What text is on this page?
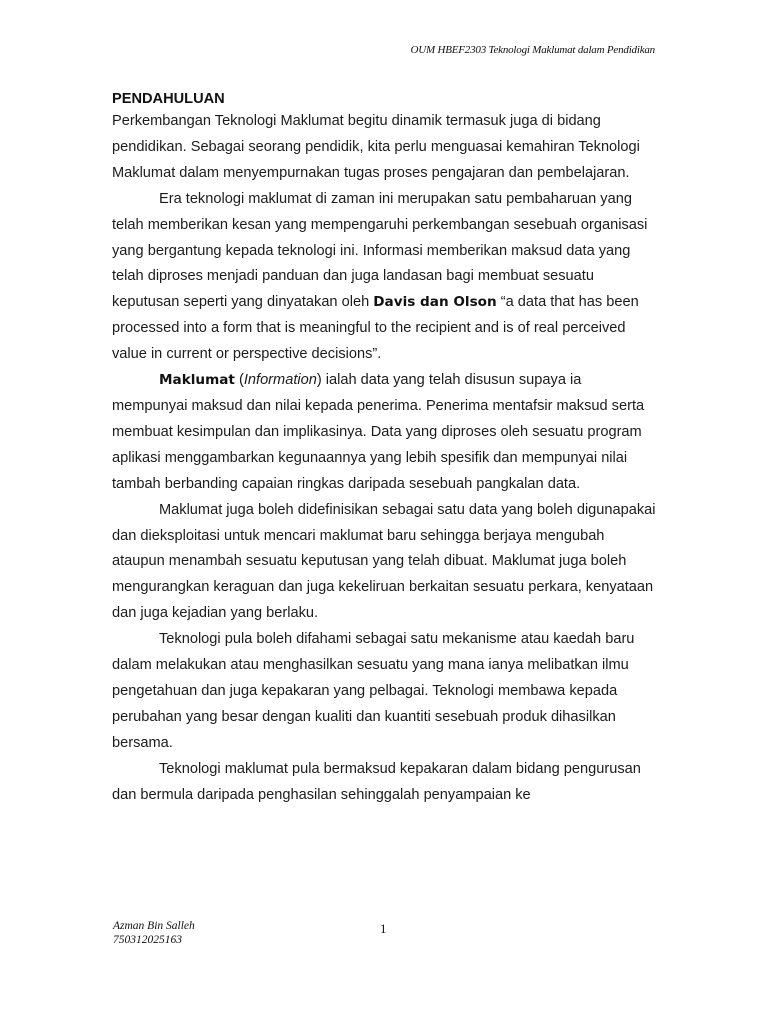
OUM HBEF2303 Teknologi Maklumat dalam Pendidikan

PENDAHULUAN

Perkembangan Teknologi Maklumat begitu dinamik termasuk juga di bidang pendidikan. Sebagai seorang pendidik, kita perlu menguasai kemahiran Teknologi Maklumat dalam menyempurnakan tugas proses pengajaran dan pembelajaran.

Era teknologi maklumat di zaman ini merupakan satu pembaharuan yang telah memberikan kesan yang mempengaruhi perkembangan sesebuah organisasi yang bergantung kepada teknologi ini. Informasi memberikan maksud data yang telah diproses menjadi panduan dan juga landasan bagi membuat sesuatu keputusan seperti yang dinyatakan oleh Davis dan Olson “a data that has been processed into a form that is meaningful to the recipient and is of real perceived value in current or perspective decisions”.

Maklumat (Information) ialah data yang telah disusun supaya ia mempunyai maksud dan nilai kepada penerima. Penerima mentafsir maksud serta membuat kesimpulan dan implikasinya. Data yang diproses oleh sesuatu program aplikasi menggambarkan kegunaannya yang lebih spesifik dan mempunyai nilai tambah berbanding capaian ringkas daripada sesebuah pangkalan data.

Maklumat juga boleh didefinisikan sebagai satu data yang boleh digunapakai dan dieksploitasi untuk mencari maklumat baru sehingga berjaya mengubah ataupun menambah sesuatu keputusan yang telah dibuat. Maklumat juga boleh mengurangkan keraguan dan juga kekeliruan berkaitan sesuatu perkara, kenyataan dan juga kejadian yang berlaku.

Teknologi pula boleh difahami sebagai satu mekanisme atau kaedah baru dalam melakukan atau menghasilkan sesuatu yang mana ianya melibatkan ilmu pengetahuan dan juga kepakaran yang pelbagai. Teknologi membawa kepada perubahan yang besar dengan kualiti dan kuantiti sesebuah produk dihasilkan bersama.

Teknologi maklumat pula bermaksud kepakaran dalam bidang pengurusan dan bermula daripada penghasilan sehinggalah penyampaian ke

Azman Bin Salleh
750312025163
1
